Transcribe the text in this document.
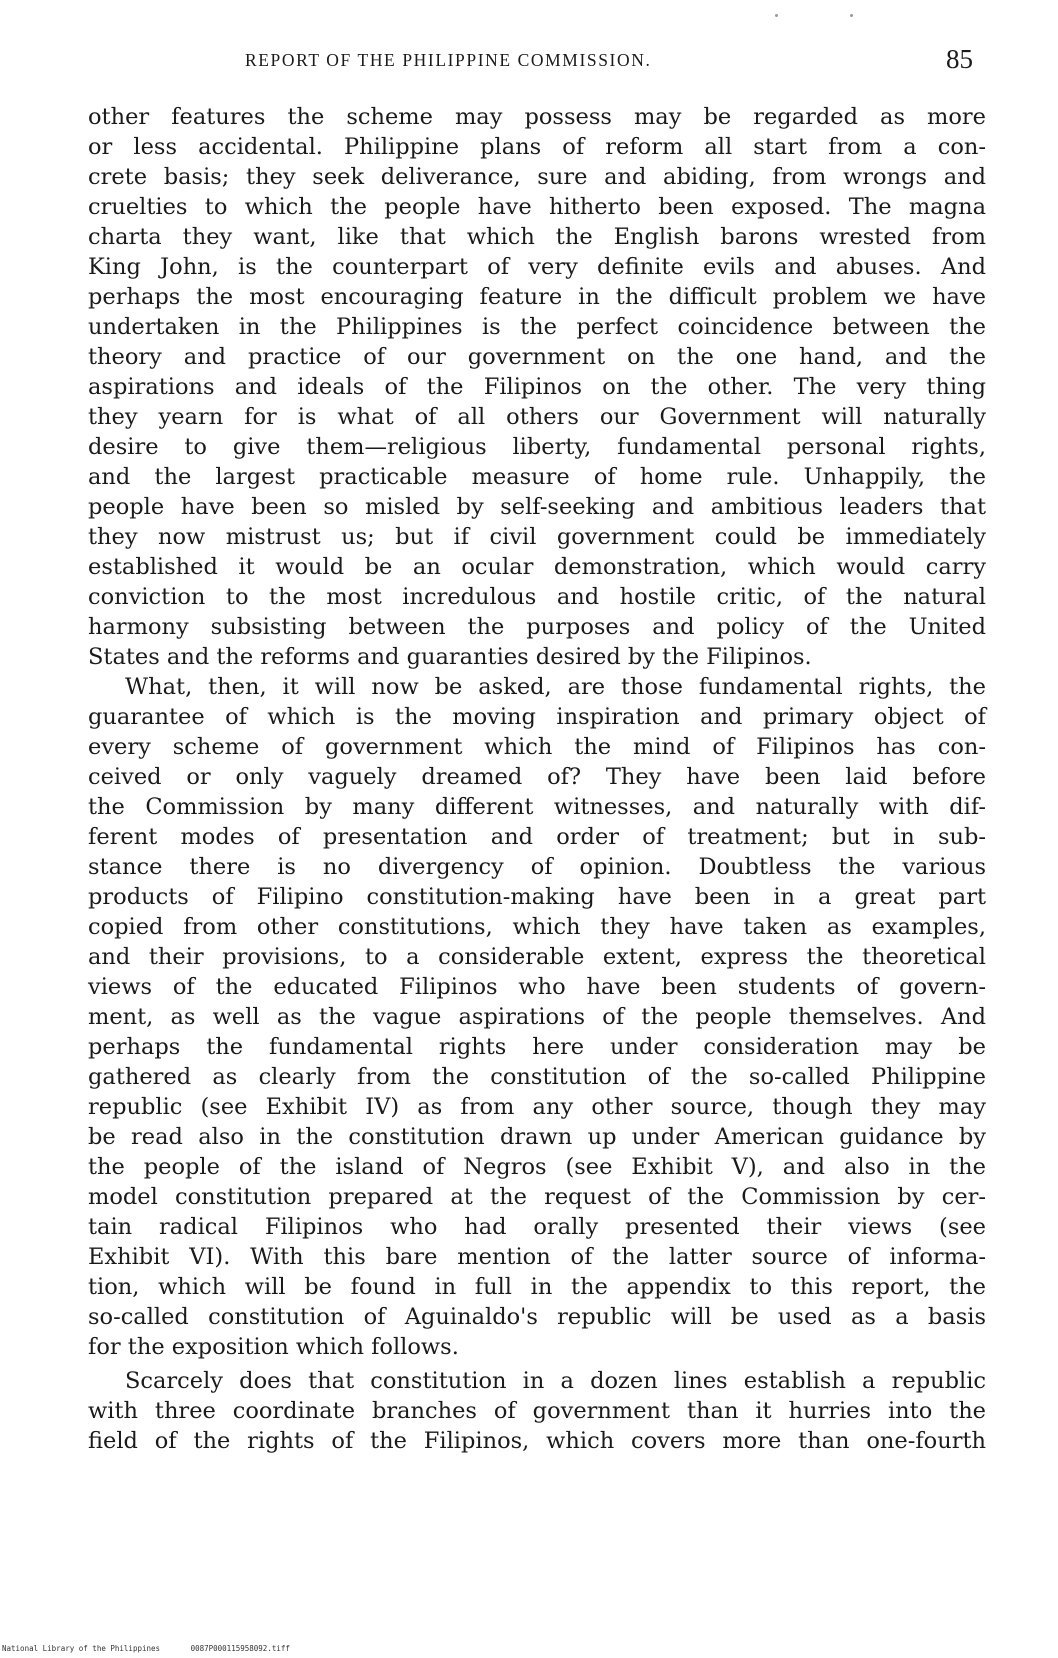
REPORT OF THE PHILIPPINE COMMISSION.	85
other features the scheme may possess may be regarded as more
or less accidental. Philippine plans of reform all start from a con-
crete basis; they seek deliverance, sure and abiding, from wrongs and
cruelties to which the people have hitherto been exposed. The magna
charta they want, like that which the English barons wrested from
King John, is the counterpart of very definite evils and abuses. And
perhaps the most encouraging feature in the difficult problem we have
undertaken in the Philippines is the perfect coincidence between the
theory and practice of our government on the one hand, and the
aspirations and ideals of the Filipinos on the other. The very thing
they yearn for is what of all others our Government will naturally
desire to give them—religious liberty, fundamental personal rights,
and the largest practicable measure of home rule. Unhappily, the
people have been so misled by self-seeking and ambitious leaders that
they now mistrust us; but if civil government could be immediately
established it would be an ocular demonstration, which would carry
conviction to the most incredulous and hostile critic, of the natural
harmony subsisting between the purposes and policy of the United
States and the reforms and guaranties desired by the Filipinos.
What, then, it will now be asked, are those fundamental rights, the
guarantee of which is the moving inspiration and primary object of
every scheme of government which the mind of Filipinos has con-
ceived or only vaguely dreamed of? They have been laid before
the Commission by many different witnesses, and naturally with dif-
ferent modes of presentation and order of treatment; but in sub-
stance there is no divergency of opinion. Doubtless the various
products of Filipino constitution-making have been in a great part
copied from other constitutions, which they have taken as examples,
and their provisions, to a considerable extent, express the theoretical
views of the educated Filipinos who have been students of govern-
ment, as well as the vague aspirations of the people themselves. And
perhaps the fundamental rights here under consideration may be
gathered as clearly from the constitution of the so-called Philippine
republic (see Exhibit IV) as from any other source, though they may
be read also in the constitution drawn up under American guidance by
the people of the island of Negros (see Exhibit V), and also in the
model constitution prepared at the request of the Commission by cer-
tain radical Filipinos who had orally presented their views (see
Exhibit VI). With this bare mention of the latter source of informa-
tion, which will be found in full in the appendix to this report, the
so-called constitution of Aguinaldo's republic will be used as a basis
for the exposition which follows.
Scarcely does that constitution in a dozen lines establish a republic
with three coordinate branches of government than it hurries into the
field of the rights of the Filipinos, which covers more than one-fourth
National Library of the Philippines	0087P000115958092.tiff
